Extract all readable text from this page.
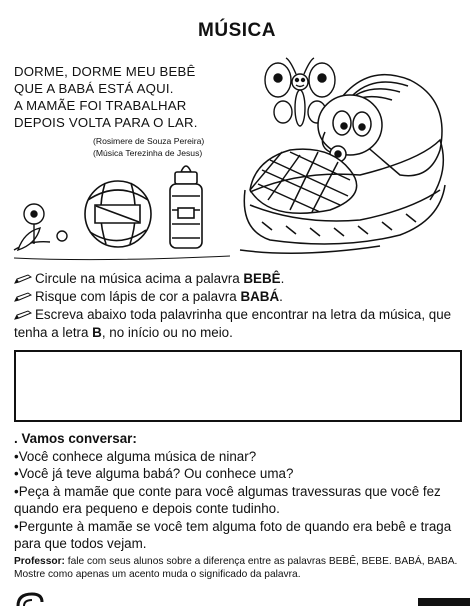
MÚSICA
DORME, DORME MEU BEBÊ
QUE A BABÁ ESTÁ AQUI.
A MAMÃE FOI TRABALHAR
DEPOIS VOLTA PARA O LAR.
(Rosimere de Souza Pereira)
(Música Terezinha de Jesus)
Circule na música acima a palavra BEBÊ.
Risque com lápis de cor a palavra BABÁ.
Escreva abaixo toda palavrinha que encontrar na letra da música, que tenha a letra B, no início ou no meio.
. Vamos conversar:
•Você conhece alguma música de ninar?
•Você já teve alguma babá? Ou conhece uma?
•Peça à mamãe que conte para você algumas travessuras que você fez quando era pequeno e depois conte tudinho.
•Pergunte à mamãe se você tem alguma foto de quando era bebê e traga para que todos vejam.
Professor: fale com seus alunos sobre a diferença entre as palavras BEBÊ, BEBE. BABÁ, BABA. Mostre como apenas um acento muda o significado da palavra.
